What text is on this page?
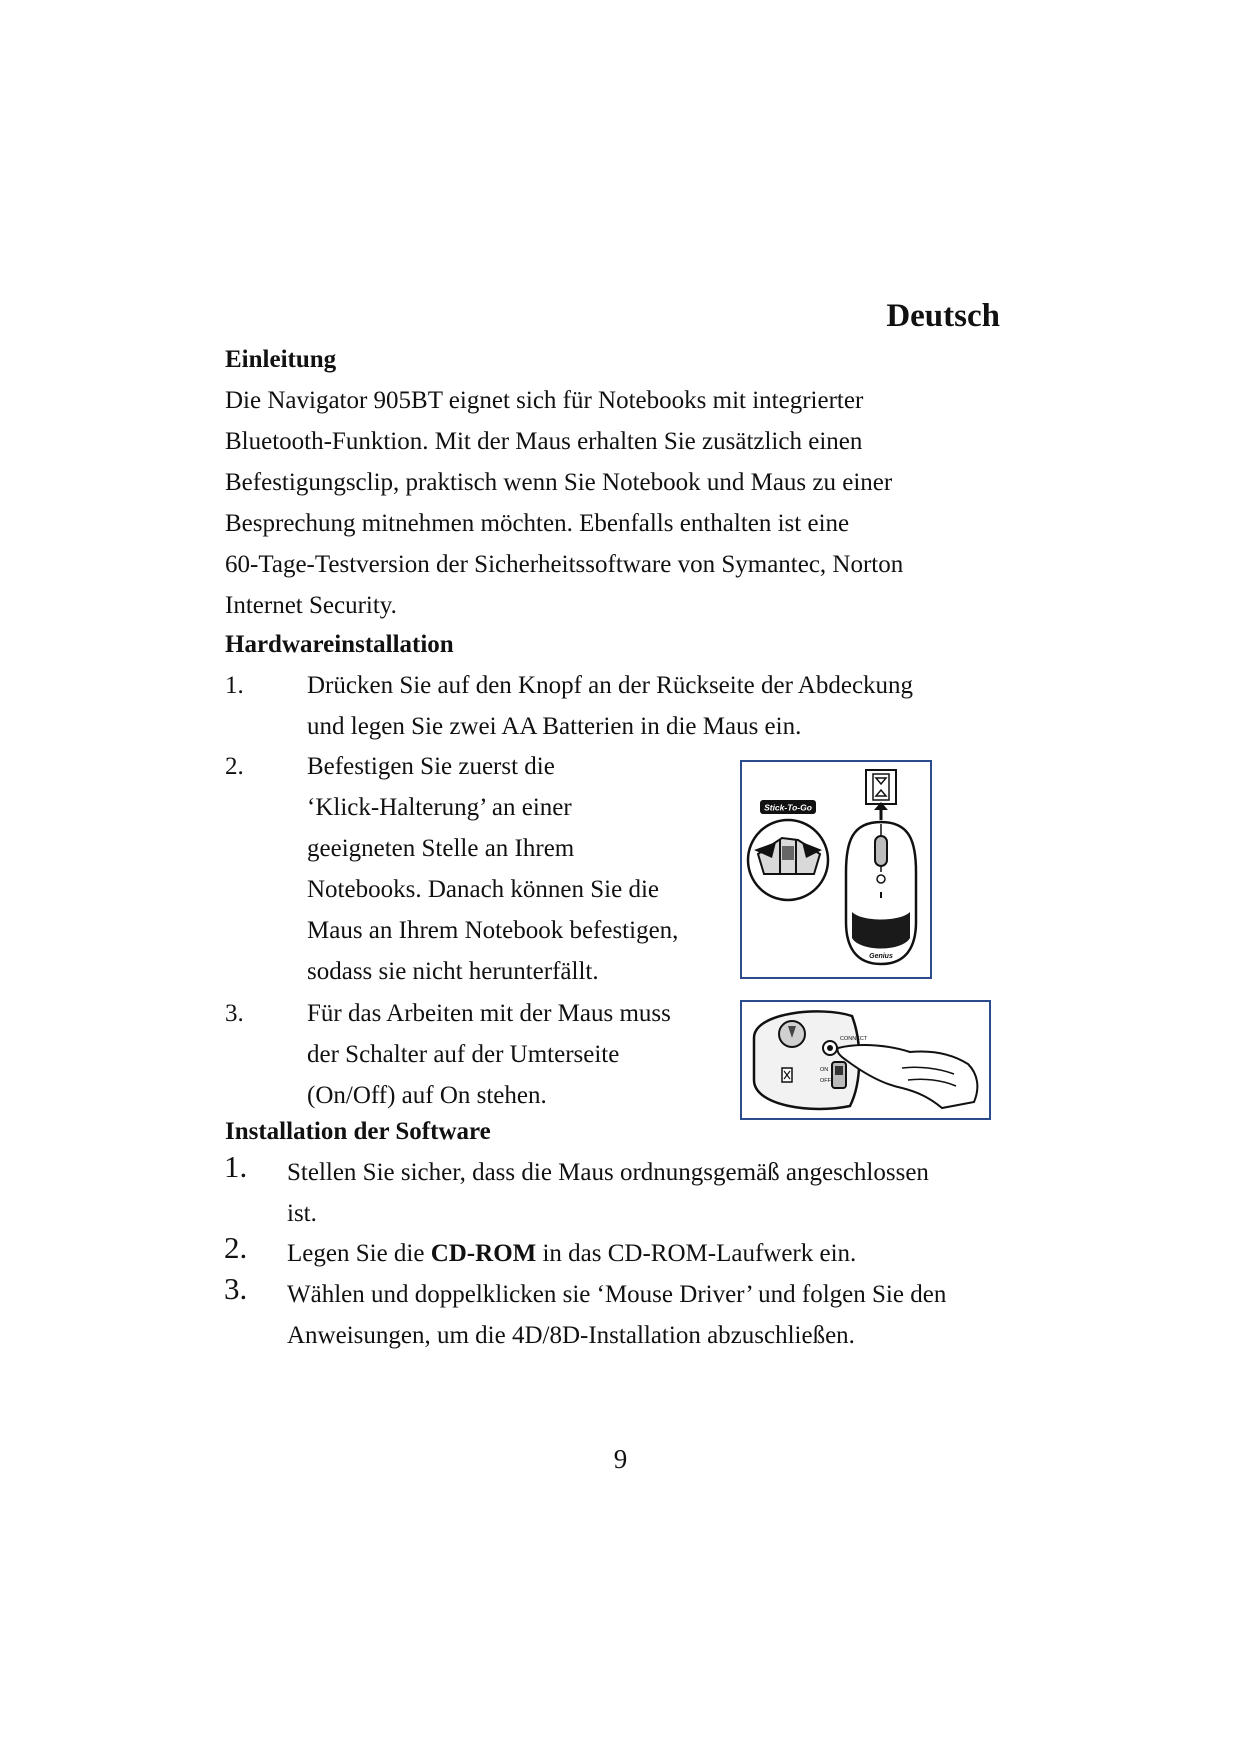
Deutsch
Einleitung
Die Navigator 905BT eignet sich für Notebooks mit integrierter
Bluetooth-Funktion. Mit der Maus erhalten Sie zusätzlich einen
Befestigungsclip, praktisch wenn Sie Notebook und Maus zu einer
Besprechung mitnehmen möchten. Ebenfalls enthalten ist eine
60-Tage-Testversion der Sicherheitssoftware von Symantec, Norton
Internet Security.
Hardwareinstallation
1.	Drücken Sie auf den Knopf an der Rückseite der Abdeckung
und legen Sie zwei AA Batterien in die Maus ein.
2.	Befestigen Sie zuerst die
‘Klick-Halterung’ an einer
geeigneten Stelle an Ihrem
Notebooks. Danach können Sie die
Maus an Ihrem Notebook befestigen,
sodass sie nicht herunterfällt.
Stick-To-Go
Genius
3.	Für das Arbeiten mit der Maus muss
der Schalter auf der Umterseite
(On/Off) auf On stehen.
CONNECT
ON
OFF
Installation der Software
1. Stellen Sie sicher, dass die Maus ordnungsgemäß angeschlossen
ist.
2. Legen Sie die CD-ROM in das CD-ROM-Laufwerk ein.
3. Wählen und doppelklicken sie ‘Mouse Driver’ und folgen Sie den
Anweisungen, um die 4D/8D-Installation abzuschließen.
9
